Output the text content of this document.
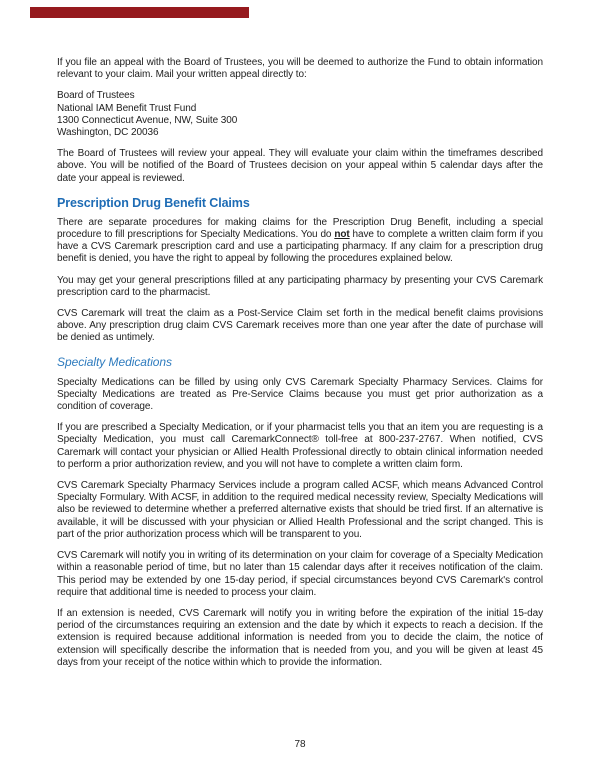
If you file an appeal with the Board of Trustees, you will be deemed to authorize the Fund to obtain information relevant to your claim. Mail your written appeal directly to:

Board of Trustees
National IAM Benefit Trust Fund
1300 Connecticut Avenue, NW, Suite 300
Washington, DC 20036

The Board of Trustees will review your appeal. They will evaluate your claim within the timeframes described above. You will be notified of the Board of Trustees decision on your appeal within 5 calendar days after the date your appeal is reviewed.

Prescription Drug Benefit Claims

There are separate procedures for making claims for the Prescription Drug Benefit, including a special procedure to fill prescriptions for Specialty Medications. You do not have to complete a written claim form if you have a CVS Caremark prescription card and use a participating pharmacy. If any claim for a prescription drug benefit is denied, you have the right to appeal by following the procedures explained below.

You may get your general prescriptions filled at any participating pharmacy by presenting your CVS Caremark prescription card to the pharmacist.

CVS Caremark will treat the claim as a Post-Service Claim set forth in the medical benefit claims provisions above. Any prescription drug claim CVS Caremark receives more than one year after the date of purchase will be denied as untimely.

Specialty Medications

Specialty Medications can be filled by using only CVS Caremark Specialty Pharmacy Services. Claims for Specialty Medications are treated as Pre-Service Claims because you must get prior authorization as a condition of coverage.

If you are prescribed a Specialty Medication, or if your pharmacist tells you that an item you are requesting is a Specialty Medication, you must call CaremarkConnect® toll-free at 800-237-2767. When notified, CVS Caremark will contact your physician or Allied Health Professional directly to obtain clinical information needed to perform a prior authorization review, and you will not have to complete a written claim form.

CVS Caremark Specialty Pharmacy Services include a program called ACSF, which means Advanced Control Specialty Formulary. With ACSF, in addition to the required medical necessity review, Specialty Medications will also be reviewed to determine whether a preferred alternative exists that should be tried first. If an alternative is available, it will be discussed with your physician or Allied Health Professional and the script changed. This is part of the prior authorization process which will be transparent to you.

CVS Caremark will notify you in writing of its determination on your claim for coverage of a Specialty Medication within a reasonable period of time, but no later than 15 calendar days after it receives notification of the claim. This period may be extended by one 15-day period, if special circumstances beyond CVS Caremark's control require that additional time is needed to process your claim.

If an extension is needed, CVS Caremark will notify you in writing before the expiration of the initial 15-day period of the circumstances requiring an extension and the date by which it expects to reach a decision. If the extension is required because additional information is needed from you to decide the claim, the notice of extension will specifically describe the information that is needed from you, and you will be given at least 45 days from your receipt of the notice within which to provide the information.

78
